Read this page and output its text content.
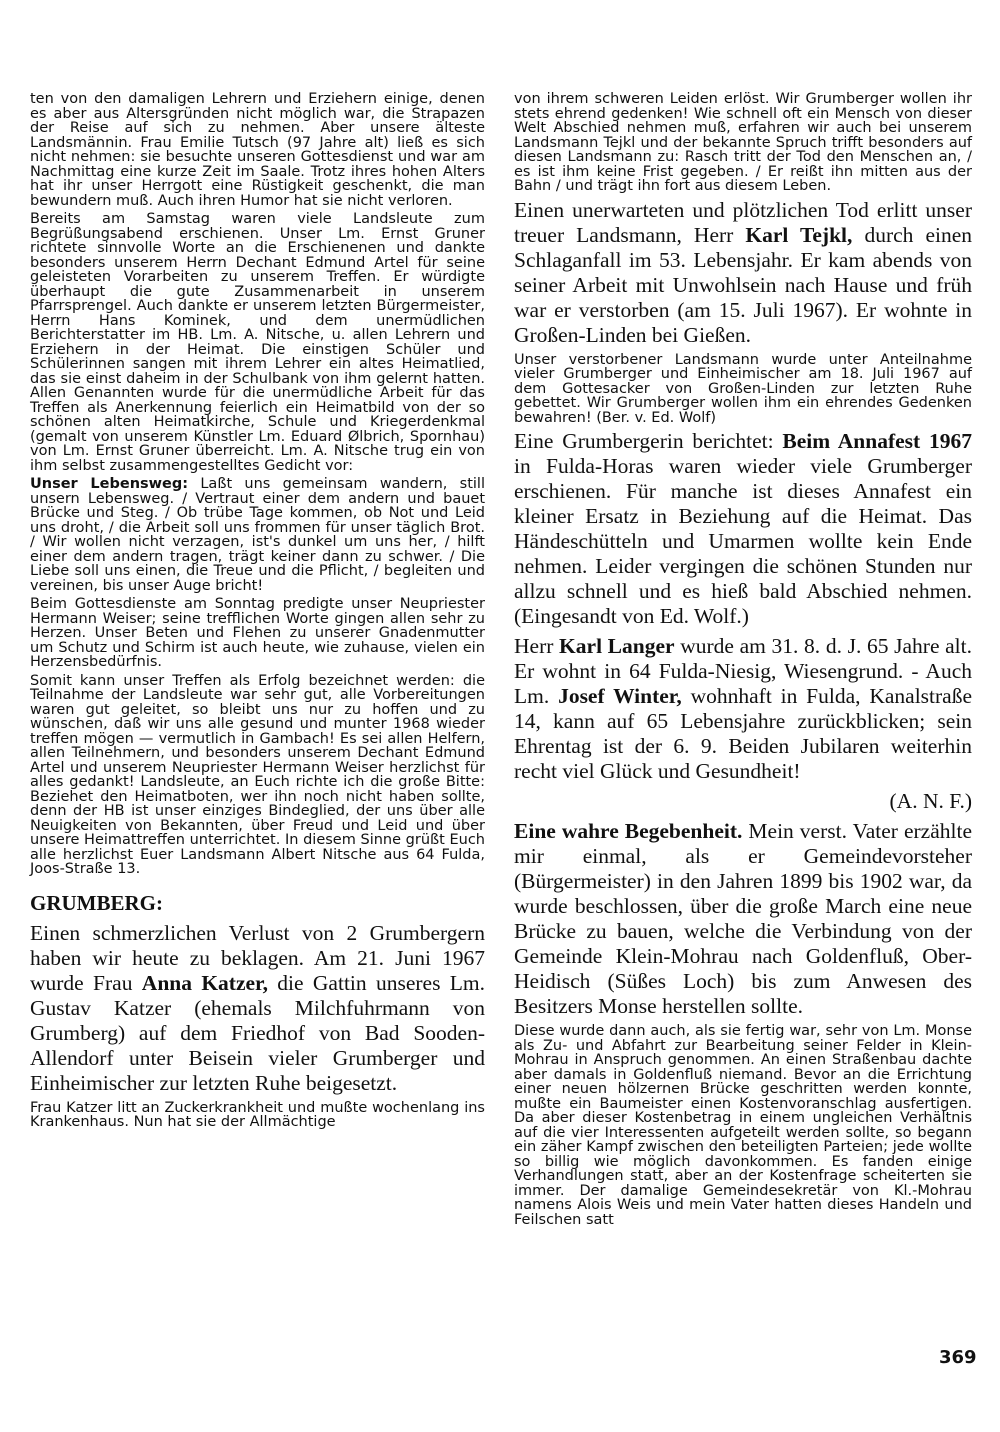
ten von den damaligen Lehrern und Erziehern einige, denen es aber aus Altersgründen nicht möglich war, die Strapazen der Reise auf sich zu nehmen. Aber unsere älteste Landsmännin. Frau Emilie Tutsch (97 Jahre alt) ließ es sich nicht nehmen: sie besuchte unseren Gottesdienst und war am Nachmittag eine kurze Zeit im Saale. Trotz ihres hohen Alters hat ihr unser Herrgott eine Rüstigkeit geschenkt, die man bewundern muß. Auch ihren Humor hat sie nicht verloren.

Bereits am Samstag waren viele Landsleute zum Begrüßungsabend erschienen. Unser Lm. Ernst Gruner richtete sinnvolle Worte an die Erschienenen und dankte besonders unserem Herrn Dechant Edmund Artel für seine geleisteten Vorarbeiten zu unserem Treffen. Er würdigte überhaupt die gute Zusammenarbeit in unserem Pfarrsprengel. Auch dankte er unserem letzten Bürgermeister, Herrn Hans Kominek, und dem unermüdlichen Berichterstatter im HB. Lm. A. Nitsche, u. allen Lehrern und Erziehern in der Heimat. Die einstigen Schüler und Schülerinnen sangen mit ihrem Lehrer ein altes Heimatlied, das sie einst daheim in der Schulbank von ihm gelernt hatten. Allen Genannten wurde für die unermüdliche Arbeit für das Treffen als Anerkennung feierlich ein Heimatbild von der so schönen alten Heimatkirche, Schule und Kriegerdenkmal (gemalt von unserem Künstler Lm. Eduard Ølbrich, Spornhau) von Lm. Ernst Gruner überreicht. Lm. A. Nitsche trug ein von ihm selbst zusammengestelltes Gedicht vor:

Unser Lebensweg: Laßt uns gemeinsam wandern, still unsern Lebensweg. / Vertraut einer dem andern und bauet Brücke und Steg. / Ob trübe Tage kommen, ob Not und Leid uns droht, / die Arbeit soll uns frommen für unser täglich Brot. / Wir wollen nicht verzagen, ist's dunkel um uns her, / hilft einer dem andern tragen, trägt keiner dann zu schwer. / Die Liebe soll uns einen, die Treue und die Pflicht, / begleiten und vereinen, bis unser Auge bricht!

Beim Gottesdienste am Sonntag predigte unser Neupriester Hermann Weiser; seine trefflichen Worte gingen allen sehr zu Herzen. Unser Beten und Flehen zu unserer Gnadenmutter um Schutz und Schirm ist auch heute, wie zuhause, vielen ein Herzensbedürfnis.

Somit kann unser Treffen als Erfolg bezeichnet werden: die Teilnahme der Landsleute war sehr gut, alle Vorbereitungen waren gut geleitet, so bleibt uns nur zu hoffen und zu wünschen, daß wir uns alle gesund und munter 1968 wieder treffen mögen — vermutlich in Gambach! Es sei allen Helfern, allen Teilnehmern, und besonders unserem Dechant Edmund Artel und unserem Neupriester Hermann Weiser herzlichst für alles gedankt! Landsleute, an Euch richte ich die große Bitte: Beziehet den Heimatboten, wer ihn noch nicht haben sollte, denn der HB ist unser einziges Bindeglied, der uns über alle Neuigkeiten von Bekannten, über Freud und Leid und über unsere Heimattreffen unterrichtet. In diesem Sinne grüßt Euch alle herzlichst Euer Landsmann Albert Nitsche aus 64 Fulda, Joos-Straße 13.

GRUMBERG:

Einen schmerzlichen Verlust von 2 Grumbergern haben wir heute zu beklagen. Am 21. Juni 1967 wurde Frau Anna Katzer, die Gattin unseres Lm. Gustav Katzer (ehemals Milchfuhrmann von Grumberg) auf dem Friedhof von Bad Sooden-Allendorf unter Beisein vieler Grumberger und Einheimischer zur letzten Ruhe beigesetzt.

Frau Katzer litt an Zuckerkrankheit und mußte wochenlang ins Krankenhaus. Nun hat sie der Allmächtige

von ihrem schweren Leiden erlöst. Wir Grumberger wollen ihr stets ehrend gedenken! Wie schnell oft ein Mensch von dieser Welt Abschied nehmen muß, erfahren wir auch bei unserem Landsmann Tejkl und der bekannte Spruch trifft besonders auf diesen Landsmann zu: Rasch tritt der Tod den Menschen an, / es ist ihm keine Frist gegeben. / Er reißt ihn mitten aus der Bahn / und trägt ihn fort aus diesem Leben.

Einen unerwarteten und plötzlichen Tod erlitt unser treuer Landsmann, Herr Karl Tejkl, durch einen Schlaganfall im 53. Lebensjahr. Er kam abends von seiner Arbeit mit Unwohlsein nach Hause und früh war er verstorben (am 15. Juli 1967). Er wohnte in Großen-Linden bei Gießen.

Unser verstorbener Landsmann wurde unter Anteilnahme vieler Grumberger und Einheimischer am 18. Juli 1967 auf dem Gottesacker von Großen-Linden zur letzten Ruhe gebettet. Wir Grumberger wollen ihm ein ehrendes Gedenken bewahren! (Ber. v. Ed. Wolf)

Eine Grumbergerin berichtet: Beim Annafest 1967 in Fulda-Horas waren wieder viele Grumberger erschienen. Für manche ist dieses Annafest ein kleiner Ersatz in Beziehung auf die Heimat. Das Händeschütteln und Umarmen wollte kein Ende nehmen. Leider vergingen die schönen Stunden nur allzu schnell und es hieß bald Abschied nehmen. (Eingesandt von Ed. Wolf.)

Herr Karl Langer wurde am 31. 8. d. J. 65 Jahre alt. Er wohnt in 64 Fulda-Niesig, Wiesengrund. - Auch Lm. Josef Winter, wohnhaft in Fulda, Kanalstraße 14, kann auf 65 Lebensjahre zurückblicken; sein Ehrentag ist der 6. 9. Beiden Jubilaren weiterhin recht viel Glück und Gesundheit!

(A. N. F.)

Eine wahre Begebenheit. Mein verst. Vater erzählte mir einmal, als er Gemeindevorsteher (Bürgermeister) in den Jahren 1899 bis 1902 war, da wurde beschlossen, über die große March eine neue Brücke zu bauen, welche die Verbindung von der Gemeinde Klein-Mohrau nach Goldenfluß, Ober-Heidisch (Süßes Loch) bis zum Anwesen des Besitzers Monse herstellen sollte.

Diese wurde dann auch, als sie fertig war, sehr von Lm. Monse als Zu- und Abfahrt zur Bearbeitung seiner Felder in Klein-Mohrau in Anspruch genommen. An einen Straßenbau dachte aber damals in Goldenfluß niemand. Bevor an die Errichtung einer neuen hölzernen Brücke geschritten werden konnte, mußte ein Baumeister einen Kostenvoranschlag ausfertigen. Da aber dieser Kostenbetrag in einem ungleichen Verhältnis auf die vier Interessenten aufgeteilt werden sollte, so begann ein zäher Kampf zwischen den beteiligten Parteien; jede wollte so billig wie möglich davonkommen. Es fanden einige Verhandlungen statt, aber an der Kostenfrage scheiterten sie immer. Der damalige Gemeindesekretär von Kl.-Mohrau namens Alois Weis und mein Vater hatten dieses Handeln und Feilschen satt

369
